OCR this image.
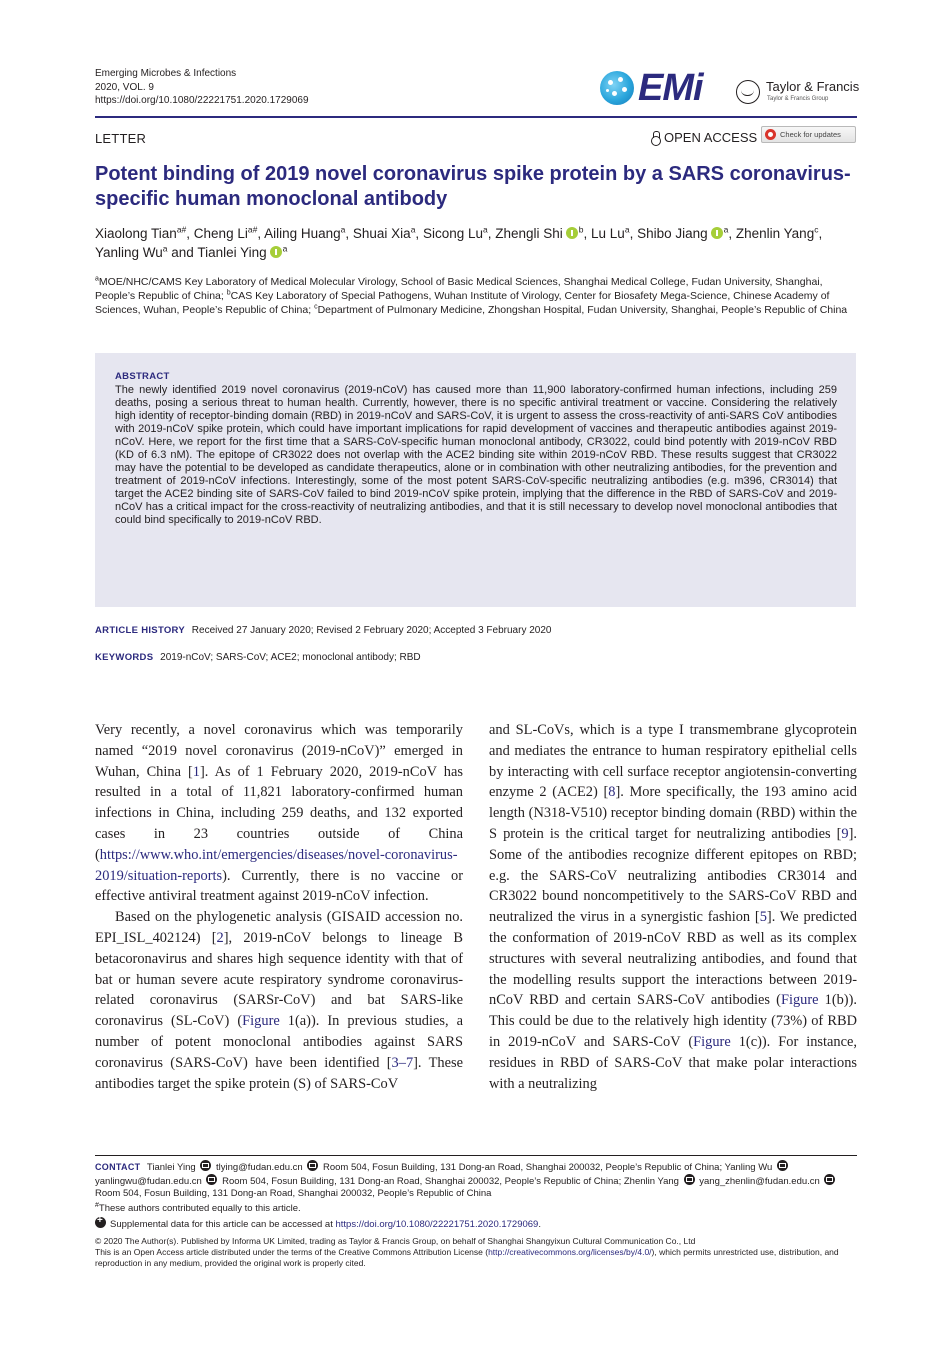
Emerging Microbes & Infections
2020, VOL. 9
https://doi.org/10.1080/22221751.2020.1729069	EMi	Taylor & Francis
Taylor & Francis Group
LETTER	OPEN ACCESS	Check for updates
Potent binding of 2019 novel coronavirus spike protein by a SARS coronavirus-specific human monoclonal antibody
Xiaolong Tian$^{a\#}$, Cheng $Li^{a\#}$, Ailing Huang$^a$, Shuai Xia$^a$, Sicong Lu$^a$, Zhengli Shi $^b$, Lu Lu$^a$, Shibo Jiang $^a$, Zhenlin Yang$^c$, Yanling Wu$^a$ and Tianlei Ying $^a$
$^a$MOE/NHC/CAMS Key Laboratory of Medical Molecular Virology, School of Basic Medical Sciences, Shanghai Medical College, Fudan University, Shanghai, People’s Republic of China; $^b$CAS Key Laboratory of Special Pathogens, Wuhan Institute of Virology, Center for Biosafety Mega-Science, Chinese Academy of Sciences, Wuhan, People’s Republic of China; $^c$Department of Pulmonary Medicine, Zhongshan Hospital, Fudan University, Shanghai, People’s Republic of China
ABSTRACT
The newly identified 2019 novel coronavirus (2019-nCoV) has caused more than 11,900 laboratory-confirmed human infections, including 259 deaths, posing a serious threat to human health. Currently, however, there is no specific antiviral treatment or vaccine. Considering the relatively high identity of receptor-binding domain (RBD) in 2019-nCoV and SARS-CoV, it is urgent to assess the cross-reactivity of anti-SARS CoV antibodies with 2019-nCoV spike protein, which could have important implications for rapid development of vaccines and therapeutic antibodies against 2019-nCoV. Here, we report for the first time that a SARS-CoV-specific human monoclonal antibody, CR3022, could bind potently with 2019-nCoV RBD (KD of 6.3 nM). The epitope of CR3022 does not overlap with the ACE2 binding site within 2019-nCoV RBD. These results suggest that CR3022 may have the potential to be developed as candidate therapeutics, alone or in combination with other neutralizing antibodies, for the prevention and treatment of 2019-nCoV infections. Interestingly, some of the most potent SARS-CoV-specific neutralizing antibodies (e.g. m396, CR3014) that target the ACE2 binding site of SARS-CoV failed to bind 2019-nCoV spike protein, implying that the difference in the RBD of SARS-CoV and 2019-nCoV has a critical impact for the cross-reactivity of neutralizing antibodies, and that it is still necessary to develop novel monoclonal antibodies that could bind specifically to 2019-nCoV RBD.
ARTICLE HISTORY Received 27 January 2020; Revised 2 February 2020; Accepted 3 February 2020
KEYWORDS 2019-nCoV; SARS-CoV; ACE2; monoclonal antibody; RBD

Very recently, a novel coronavirus which was temporarily named “2019 novel coronavirus (2019-nCoV)” emerged in Wuhan, China [1]. As of 1 February 2020, 2019-nCoV has resulted in a total of 11,821 laboratory-confirmed human infections in China, including 259 deaths, and 132 exported cases in 23 countries outside of China (https://www.who.int/emergencies/diseases/novel-coronavirus-2019/situation-reports). Currently, there is no vaccine or effective antiviral treatment against 2019-nCoV infection.

Based on the phylogenetic analysis (GISAID accession no. EPI_ISL_402124) [2], 2019-nCoV belongs to lineage B betacoronavirus and shares high sequence identity with that of bat or human severe acute respiratory syndrome coronavirus-related coronavirus (SARSr-CoV) and bat SARS-like coronavirus (SL-CoV) (Figure 1(a)). In previous studies, a number of potent monoclonal antibodies against SARS coronavirus (SARS-CoV) have been identified [3–7]. These antibodies target the spike protein (S) of SARS-CoV

and SL-CoVs, which is a type I transmembrane glycoprotein and mediates the entrance to human respiratory epithelial cells by interacting with cell surface receptor angiotensin-converting enzyme 2 (ACE2) [8]. More specifically, the 193 amino acid length (N318-V510) receptor binding domain (RBD) within the S protein is the critical target for neutralizing antibodies [9]. Some of the antibodies recognize different epitopes on RBD; e.g. the SARS-CoV neutralizing antibodies CR3014 and CR3022 bound noncompetitively to the SARS-CoV RBD and neutralized the virus in a synergistic fashion [5]. We predicted the conformation of 2019-nCoV RBD as well as its complex structures with several neutralizing antibodies, and found that the modelling results support the interactions between 2019-nCoV RBD and certain SARS-CoV antibodies (Figure 1(b)). This could be due to the relatively high identity (73%) of RBD in 2019-nCoV and SARS-CoV (Figure 1(c)). For instance, residues in RBD of SARS-CoV that make polar interactions with a neutralizing

CONTACT Tianlei Ying tlying@fudan.edu.cn Room 504, Fosun Building, 131 Dong-an Road, Shanghai 200032, People’s Republic of China; Yanling Wu  yanlingwu@fudan.edu.cn Room 504, Fosun Building, 131 Dong-an Road, Shanghai 200032, People’s Republic of China; Zhenlin Yang yang_zhenlin@fudan.edu.cn  Room 504, Fosun Building, 131 Dong-an Road, Shanghai 200032, People’s Republic of China
#These authors contributed equally to this article.
+Supplemental data for this article can be accessed at https://doi.org/10.1080/22221751.2020.1729069.
© 2020 The Author(s). Published by Informa UK Limited, trading as Taylor & Francis Group, on behalf of Shanghai Shangyixun Cultural Communication Co., Ltd
This is an Open Access article distributed under the terms of the Creative Commons Attribution License (http://creativecommons.org/licenses/by/4.0/), which permits unrestricted use, distribution, and reproduction in any medium, provided the original work is properly cited.
